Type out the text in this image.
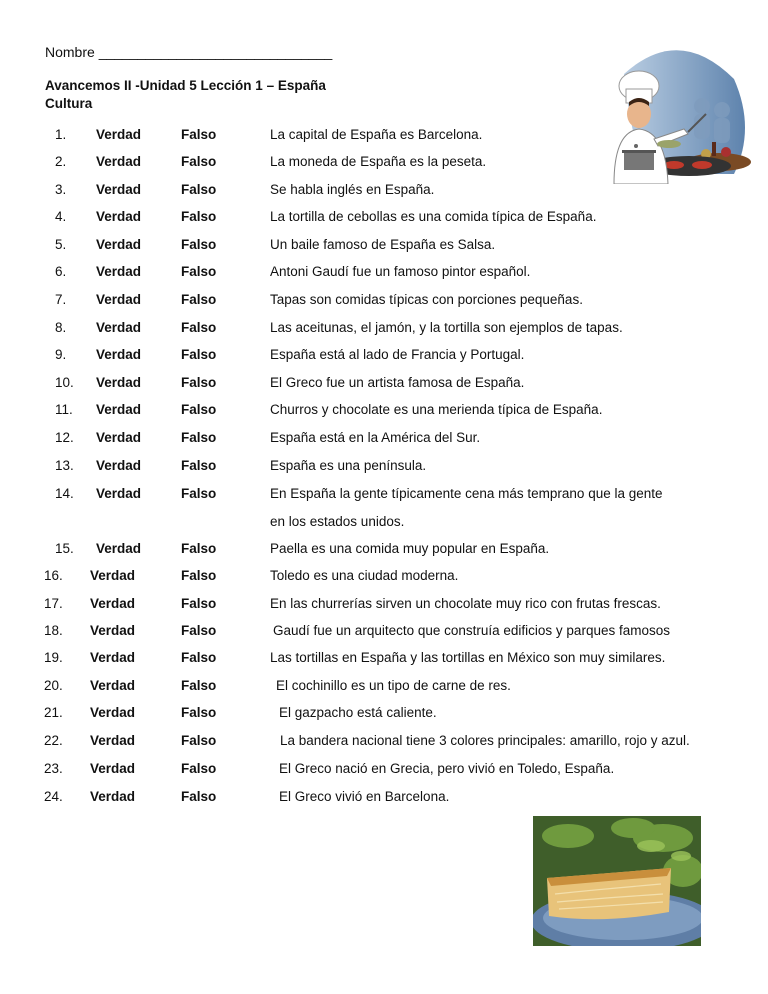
Nombre ______________________________
Avancemos II -Unidad 5 Lección 1 – España
Cultura
1. Verdad	Falso	La capital de España es Barcelona.
2. Verdad	Falso	La moneda de España es la peseta.
3. Verdad	Falso	Se habla inglés en España.
4. Verdad	Falso	La tortilla de cebollas es una comida típica de España.
5. Verdad	Falso	Un baile famoso de España es Salsa.
6. Verdad	Falso	Antoni Gaudí fue un famoso pintor español.
7. Verdad	Falso	Tapas son comidas típicas con porciones pequeñas.
8. Verdad	Falso	Las aceitunas, el jamón, y la tortilla son ejemplos de tapas.
9. Verdad	Falso	España está al lado de Francia y Portugal.
10. Verdad	Falso	El Greco fue un artista famosa de España.
11. Verdad	Falso	Churros y chocolate es una merienda típica de España.
12. Verdad	Falso	España está en la América del Sur.
13. Verdad	Falso	España es una península.
14. Verdad	Falso	En España la gente típicamente cena más temprano que la gente
en los estados unidos.
15. Verdad	Falso	Paella es una comida muy popular en España.
16. Verdad	Falso	Toledo es una ciudad moderna.
17. Verdad	Falso	En las churrerías sirven un chocolate muy rico con frutas frescas.
18. Verdad	Falso	Gaudí fue un arquitecto que construía edificios y parques famosos
19. Verdad	Falso	Las tortillas en España y las tortillas en México son muy similares.
20. Verdad	Falso	El cochinillo es un tipo de carne de res.
21. Verdad	Falso	El gazpacho está caliente.
22. Verdad	Falso	La bandera nacional tiene 3 colores principales: amarillo, rojo y azul.
23. Verdad	Falso	El Greco nació en Grecia, pero vivió en Toledo, España.
24. Verdad	Falso	El Greco vivió en Barcelona.
